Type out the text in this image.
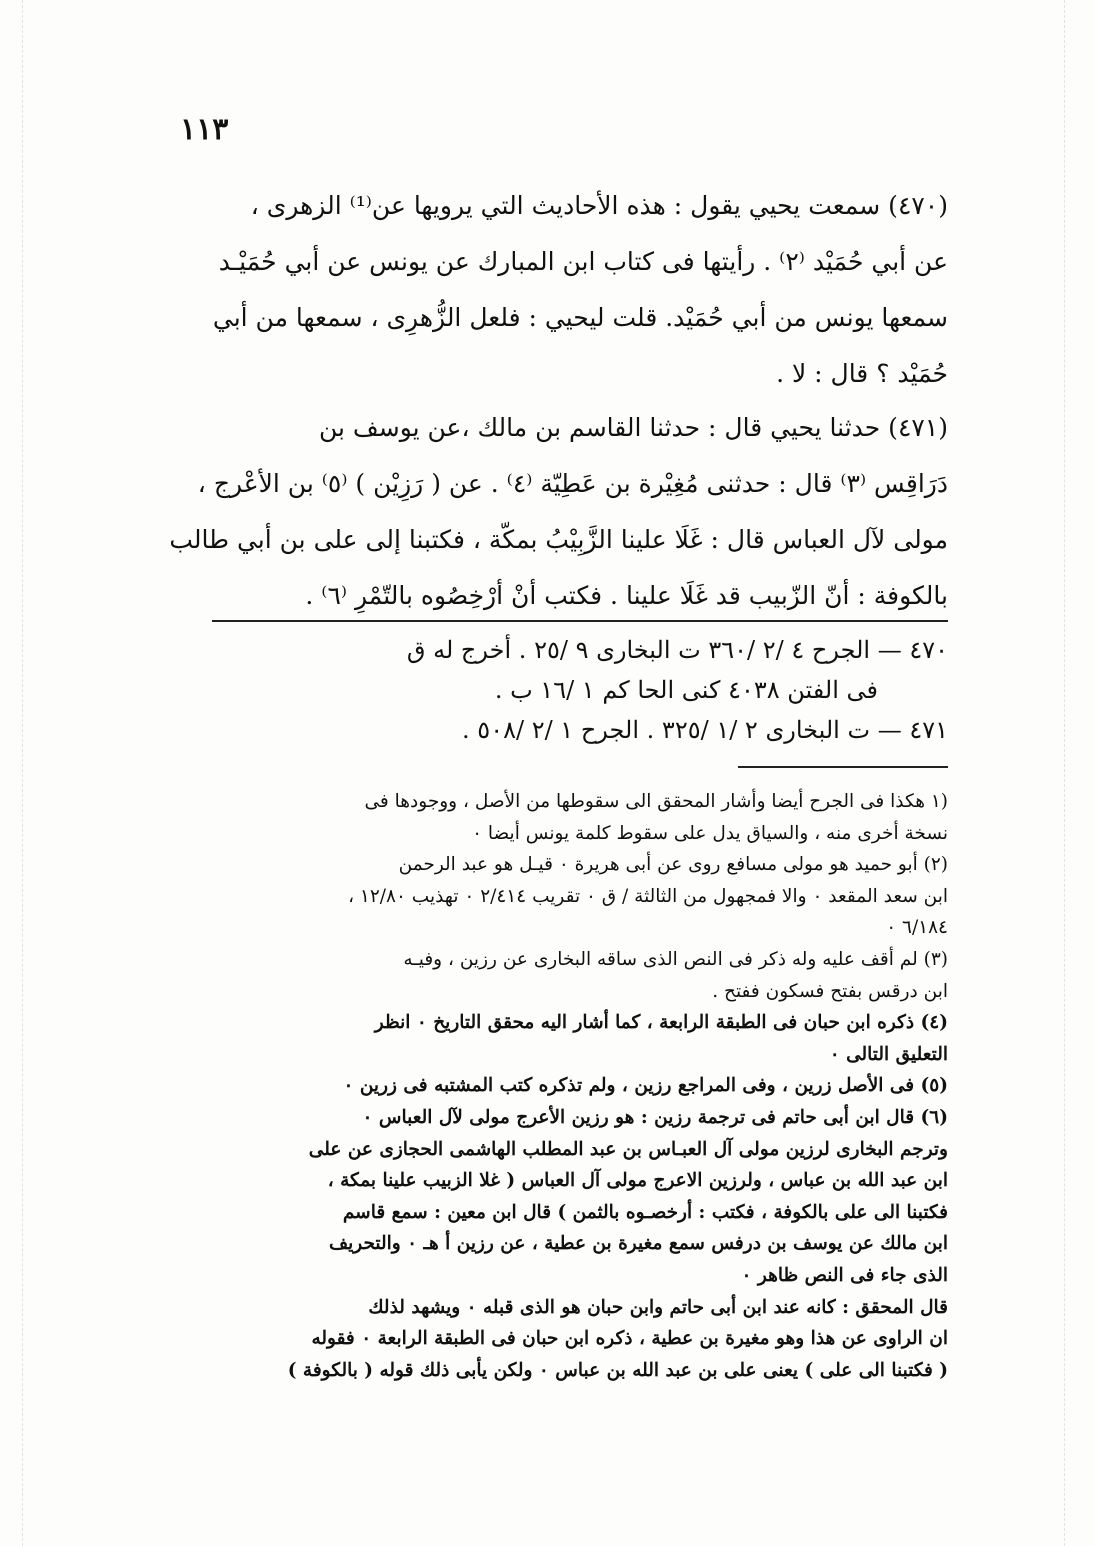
١١٣
(٤٧٠) سمعت يحيي يقول : هذه الأحاديث التي يرويها عن⁽¹⁾ الزهرى ،
عن أبي حُمَيْد ⁽٢⁾ . رأيتها فى كتاب ابن المبارك عن يونس عن أبي حُمَيْـد
سمعها يونس من أبي حُمَيْد. قلت ليحيي : فلعل الزُّهرِى ، سمعها من أبي
حُمَيْد ؟ قال : لا .
(٤٧١) حدثنا يحيي قال : حدثنا القاسم بن مالك ،عن يوسف بن
دَرَاقِس ⁽٣⁾ قال : حدثنى مُغِيْرة بن عَطِيّة ⁽٤⁾ . عن ( رَزِيْن ) ⁽٥⁾ بن الأعْرج ،
مولى لآل العباس قال : غَلَا علينا الزَّبِيْبُ بمكّة ، فكتبنا إلى على بن أبي طالب
بالكوفة : أنّ الزّبيب قد غَلَا علينا . فكتب أنْ أرْخِصُوه بالتّمْرِ ⁽٦⁾ .
٤٧٠ — الجرح ٤ /٢ /٣٦٠ ت البخارى ٩ /٢٥ . أخرج له ق
فى الفتن ٤٠٣٨ كنى الحا كم ١ /١٦ ب .
٤٧١ — ت البخارى ٢ /١ /٣٢٥ . الجرح ١ /٢ /٥٠٨ .
(١ هكذا فى الجرح أيضا وأشار المحقق الى سقوطها من الأصل ، ووجودها فى
نسخة أخرى منه ، والسياق يدل على سقوط كلمة يونس أيضا ٠
(٢) أبو حميد هو مولى مسافع روى عن أبى هريرة ٠ قيـل هو عبد الرحمن
ابن سعد المقعد ٠ والا فمجهول من الثالثة / ق ٠ تقريب ٢/٤١٤ ٠ تهذيب ١٢/٨٠ ،
٦/١٨٤ ٠
(٣) لم أقف عليه وله ذكر فى النص الذى ساقه البخارى عن رزين ، وفيـه
ابن درقس بفتح فسكون ففتح .
(٤) ذكره ابن حبان فى الطبقة الرابعة ، كما أشار اليه محقق التاريخ ٠ انظر
التعليق التالى ٠
(٥) فى الأصل زرين ، وفى المراجع رزين ، ولم تذكره كتب المشتبه فى زرين ٠
(٦) قال ابن أبى حاتم فى ترجمة رزين : هو رزين الأعرج مولى لآل العباس ٠
وترجم البخارى لرزين مولى آل العبـاس بن عبد المطلب الهاشمى الحجازى عن على
ابن عبد الله بن عباس ، ولرزين الاعرج مولى آل العباس ( غلا الزبيب علينا بمكة ،
فكتبنا الى على بالكوفة ، فكتب : أرخصـوه بالثمن ) قال ابن معين : سمع قاسم
ابن مالك عن يوسف بن درفس سمع مغيرة بن عطية ، عن رزين أ هـ ٠ والتحريف
الذى جاء فى النص ظاهر ٠
قال المحقق : كانه عند ابن أبى حاتم وابن حبان هو الذى قبله ٠ ويشهد لذلك
ان الراوى عن هذا وهو مغيرة بن عطية ، ذكره ابن حبان فى الطبقة الرابعة ٠ فقوله
( فكتبنا الى على ) يعنى على بن عبد الله بن عباس ٠ ولكن يأبى ذلك قوله ( بالكوفة )
